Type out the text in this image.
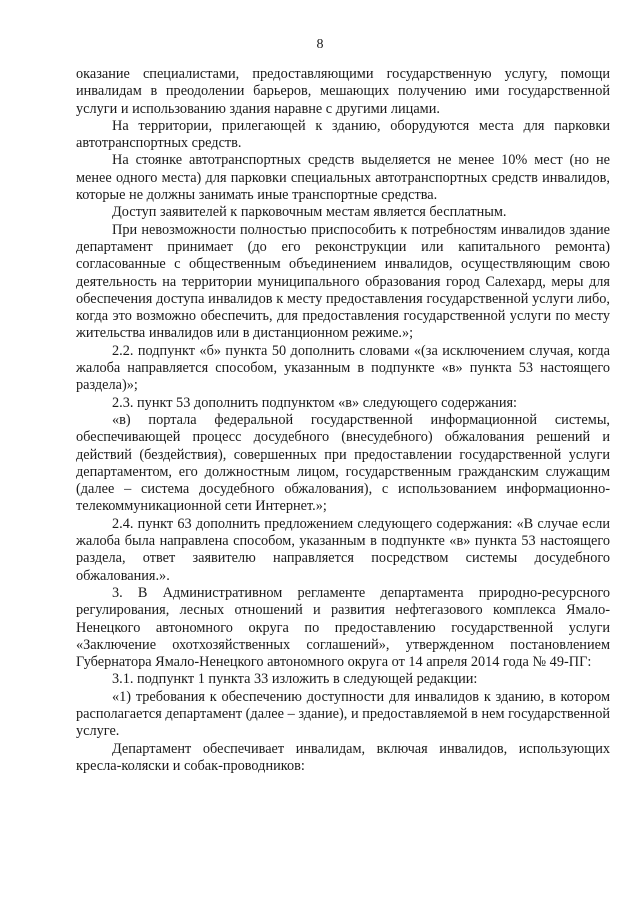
8

оказание специалистами, предоставляющими государственную услугу, помощи инвалидам в преодолении барьеров, мешающих получению ими государственной услуги и использованию здания наравне с другими лицами.

На территории, прилегающей к зданию, оборудуются места для парковки автотранспортных средств.

На стоянке автотранспортных средств выделяется не менее 10% мест (но не менее одного места) для парковки специальных автотранспортных средств инвалидов, которые не должны занимать иные транспортные средства.

Доступ заявителей к парковочным местам является бесплатным.

При невозможности полностью приспособить к потребностям инвалидов здание департамент принимает (до его реконструкции или капитального ремонта) согласованные с общественным объединением инвалидов, осуществляющим свою деятельность на территории муниципального образования город Салехард, меры для обеспечения доступа инвалидов к месту предоставления государственной услуги либо, когда это возможно обеспечить, для предоставления государственной услуги по месту жительства инвалидов или в дистанционном режиме.»;

2.2. подпункт «б» пункта 50 дополнить словами «(за исключением случая, когда жалоба направляется способом, указанным в подпункте «в» пункта 53 настоящего раздела)»;

2.3. пункт 53 дополнить подпунктом «в» следующего содержания:

«в) портала федеральной государственной информационной системы, обеспечивающей процесс досудебного (внесудебного) обжалования решений и действий (бездействия), совершенных при предоставлении государственной услуги департаментом, его должностным лицом, государственным гражданским служащим (далее – система досудебного обжалования), с использованием информационно-телекоммуникационной сети Интернет.»;

2.4. пункт 63 дополнить предложением следующего содержания: «В случае если жалоба была направлена способом, указанным в подпункте «в» пункта 53 настоящего раздела, ответ заявителю направляется посредством системы досудебного обжалования.».

3. В Административном регламенте департамента природно-ресурсного регулирования, лесных отношений и развития нефтегазового комплекса Ямало-Ненецкого автономного округа по предоставлению государственной услуги «Заключение охотхозяйственных соглашений», утвержденном постановлением Губернатора Ямало-Ненецкого автономного округа от 14 апреля 2014 года № 49-ПГ:

3.1. подпункт 1 пункта 33 изложить в следующей редакции:

«1) требования к обеспечению доступности для инвалидов к зданию, в котором располагается департамент (далее – здание), и предоставляемой в нем государственной услуге.

Департамент обеспечивает инвалидам, включая инвалидов, использующих кресла-коляски и собак-проводников:
